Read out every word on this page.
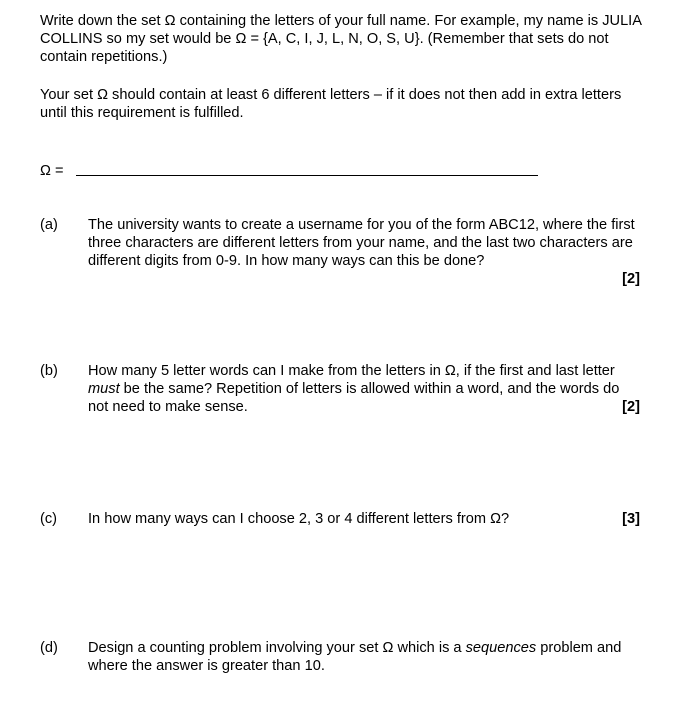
Write down the set Ω containing the letters of your full name. For example, my name is JULIA COLLINS so my set would be Ω = {A, C, I, J, L, N, O, S, U}. (Remember that sets do not contain repetitions.)

Your set Ω should contain at least 6 different letters – if it does not then add in extra letters until this requirement is fulfilled.

Ω =
(a) The university wants to create a username for you of the form ABC12, where the first three characters are different letters from your name, and the last two characters are different digits from 0-9. In how many ways can this be done?
[2]
(b) How many 5 letter words can I make from the letters in Ω, if the first and last letter must be the same? Repetition of letters is allowed within a word, and the words do not need to make sense.	[2]
(c) In how many ways can I choose 2, 3 or 4 different letters from Ω?	[3]
(d) Design a counting problem involving your set Ω which is a sequences problem and where the answer is greater than 10.
